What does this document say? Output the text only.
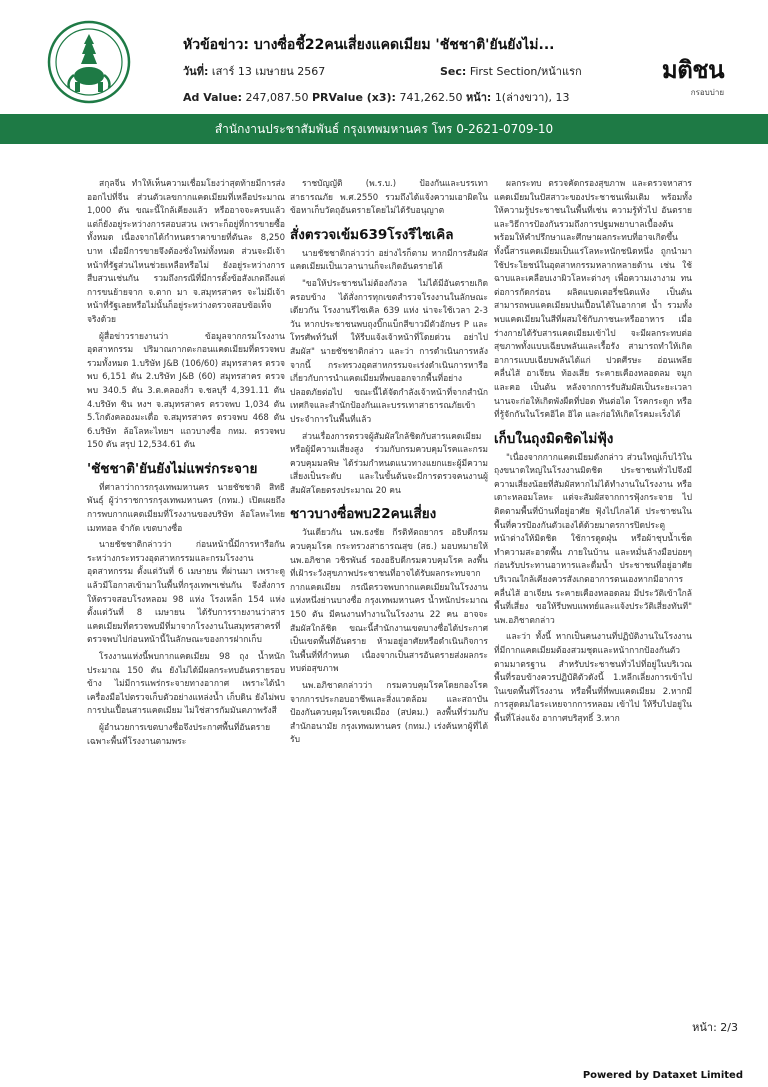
หัวข้อข่าว: บางซื่อชี้22คนเสี่ยงแคดเมียม 'ชัชชาติ'ยันยังไม่...
วันที่: เสาร์ 13 เมษายน 2567	Sec: First Section/หน้าแรก
Ad Value: 247,087.50 PRValue (x3): 741,262.50 หน้า: 1(ล่างขวา), 13
มติชน
กรอบบ่าย
สำนักงานประชาสัมพันธ์ กรุงเทพมหานคร โทร 0-2621-0709-10

สกุลจีน ทำให้เห็นความเชื่อมโยงว่าสุดท้ายมีการส่งออกไปที่จีน ส่วนตัวเลขกากแคดเมียมที่เหลือประมาณ 1,000 ตัน ขณะนี้ใกล้เคียงแล้ว หรืออาจจะครบแล้ว แต่ก็ยังอยู่ระหว่างการสอบสวน เพราะก็อยู่ที่การขายซื้อทั้งหมด เนื่องจากได้กำหนดราคาขายที่ตันละ 8,250 บาท เมื่อมีการขายจึงต้องชั่งใหม่ทั้งหมด ส่วนจะมีเจ้าหน้าที่รัฐส่วนไหนช่วยเหลือหรือไม่ ยังอยู่ระหว่างการสืบสวนเช่นกัน รวมถึงกรณีที่มีการตั้งข้อสังเกตถึงแต่การขนย้ายจาก จ.ตาก มา จ.สมุทรสาคร จะไม่มีเจ้าหน้าที่รัฐเลยหรือไม่นั้นก็อยู่ระหว่างตรวจสอบข้อเท็จจริงด้วย

ผู้สื่อข่าวรายงานว่า ข้อมูลจากกรมโรงงานอุตสาหกรรม ปริมาณกากตะกอนแคดเมียมที่ตรวจพบรวมทั้งหมด 1.บริษัท J&B (106/60) สมุทรสาคร ตรวจพบ 6,151 ตัน 2.บริษัท J&B (60) สมุทรสาคร ตรวจพบ 340.5 ตัน 3.ต.คลองกิ่ว จ.ชลบุรี 4,391.11 ตัน 4.บริษัท ซิน หงฯ จ.สมุทรสาคร ตรวจพบ 1,034 ตัน 5.โกดังคลองมะเดื่อ จ.สมุทรสาคร ตรวจพบ 468 ตัน 6.บริษัท ล้อโลหะไทยฯ แถวบางซื่อ กทม. ตรวจพบ 150 ตัน สรุป 12,534.61 ตัน

'ชัชชาติ'ยันยังไม่แพร่กระจาย

ที่ศาลาว่าการกรุงเทพมหานคร นายชัชชาติ สิทธิพันธุ์ ผู้ว่าราชการกรุงเทพมหานคร (กทม.) เปิดเผยถึงการพบกากแคดเมียมที่โรงงานของบริษัท ล้อโลหะไทย เมททอล จำกัด เขตบางซื่อ

นายชัชชาติกล่าวว่า ก่อนหน้านี้มีการหารือกันระหว่างกระทรวงอุตสาหกรรมและกรมโรงงานอุตสาหกรรม ตั้งแต่วันที่ 6 เมษายน ที่ผ่านมา เพราะดูแล้วมีโอกาสเข้ามาในพื้นที่กรุงเทพฯเช่นกัน จึงสั่งการให้ตรวจสอบโรงหลอม 98 แห่ง โรงเหล็ก 154 แห่ง ตั้งแต่วันที่ 8 เมษายน ได้รับการรายงานว่าสารแคดเมียมที่ตรวจพบมีที่มาจากโรงงานในสมุทรสาครที่ตรวจพบไปก่อนหน้านี้ในลักษณะของการฝากเก็บ

โรงงานแห่งนี้พบกากแคดเมียม 98 ถุง น้ำหนักประมาณ 150 ตัน ยังไม่ได้มีผลกระทบอันตรายรอบข้าง ไม่มีการแพร่กระจายทางอากาศ เพราะได้นำเครื่องมือไปตรวจเก็บตัวอย่างแหล่งน้ำ เก็บดิน ยังไม่พบการปนเปื้อนสารแคดเมียม ไม่ใช่สารกัมมันตภาพรังสี

ผู้อำนวยการเขตบางซื่อจึงประกาศพื้นที่อันตรายเฉพาะพื้นที่โรงงานตามพระ

ราชบัญญัติ (พ.ร.บ.) ป้องกันและบรรเทาสาธารณภัย พ.ศ.2550 รวมถึงได้แจ้งความเอาผิดในข้อหาเก็บวัตถุอันตรายโดยไม่ได้รับอนุญาต

สั่งตรวจเข้ม639โรงรีไซเคิล

นายชัชชาติกล่าวว่า อย่างไรก็ตาม หากมีการสัมผัสแคดเมียมเป็นเวลานานก็จะเกิดอันตรายได้

"ขอให้ประชาชนไม่ต้องกังวล ไม่ได้มีอันตรายเกิดครอบข้าง ได้สั่งการทุกเขตสำรวจโรงงานในลักษณะเดียวกัน โรงงานรีไซเคิล 639 แห่ง น่าจะใช้เวลา 2-3 วัน หากประชาชนพบถุงบิ๊กแบ็กสีขาวมีตัวอักษร P และโทรศัพท์วันที่ ให้รีบแจ้งเจ้าหน้าที่โดยด่วน อย่าไปสัมผัส" นายชัชชาติกล่าว และว่า การดำเนินการหลังจากนี้ กระทรวงอุตสาหกรรมจะเร่งดำเนินการหารือเกี่ยวกับการนำแคดเมียมที่พบออกจากพื้นที่อย่างปลอดภัยต่อไป ขณะนี้ได้จัดกำลังเจ้าหน้าที่จากสำนักเทศกิจและสำนักป้องกันและบรรเทาสาธารณภัยเข้าประจำการในพื้นที่แล้ว

ส่วนเรื่องการตรวจผู้สัมผัสใกล้ชิดกับสารแคดเมียม หรือผู้มีความเสี่ยงสูง ร่วมกับกรมควบคุมโรคและกรมควบคุมมลพิษ ได้ร่วมกำหนดแนวทางแยกแยะผู้มีความเสี่ยงเป็นระดับ และในขั้นต้นจะมีการตรวจคนงานผู้สัมผัสโดยตรงประมาณ 20 คน

ชาวบางซื่อพบ22คนเสี่ยง

วันเดียวกัน นพ.ธงชัย กีรติหัตถยากร อธิบดีกรมควบคุมโรค กระทรวงสาธารณสุข (สธ.) มอบหมายให้ นพ.อภิชาต วชิรพันธ์ รองอธิบดีกรมควบคุมโรค ลงพื้นที่เฝ้าระวังสุขภาพประชาชนที่อาจได้รับผลกระทบจากกากแคดเมียม กรณีตรวจพบกากแคดเมียมในโรงงานแห่งหนึ่งย่านบางซื่อ กรุงเทพมหานคร น้ำหนักประมาณ 150 ตัน มีคนงานทำงานในโรงงาน 22 คน อาจจะสัมผัสใกล้ชิด ขณะนี้สำนักงานเขตบางซื่อได้ประกาศเป็นเขตพื้นที่อันตราย ห้ามอยู่อาศัยหรือดำเนินกิจการในพื้นที่ที่กำหนด เนื่องจากเป็นสารอันตรายส่งผลกระทบต่อสุขภาพ

นพ.อภิชาตกล่าวว่า กรมควบคุมโรคโดยกองโรคจากการประกอบอาชีพและสิ่งแวดล้อม และสถาบันป้องกันควบคุมโรคเขตเมือง (สปคม.) ลงพื้นที่ร่วมกับสำนักอนามัย กรุงเทพมหานคร (กทม.) เร่งค้นหาผู้ที่ได้รับ

ผลกระทบ ตรวจคัดกรองสุขภาพ และตรวจหาสารแคดเมียมในปัสสาวะของประชาชนเพิ่มเติม พร้อมทั้งให้ความรู้ประชาชนในพื้นที่เช่น ความรู้ทั่วไป อันตราย และวิธีการป้องกันรวมถึงการปฐมพยาบาลเบื้องต้น พร้อมให้คำปรึกษาและศึกษาผลกระทบที่อาจเกิดขึ้น ทั้งนี้สารแคดเมียมเป็นแร่โลหะหนักชนิดหนึ่ง ถูกนำมาใช้ประโยชน์ในอุตสาหกรรมหลากหลายด้าน เช่น ใช้ฉาบและเคลือบเงาผิวโลหะต่างๆ เพื่อความเงางาม ทนต่อการกัดกร่อน ผลิตแบตเตอรี่ชนิดแห้ง เป็นต้น สามารถพบแคดเมียมปนเปื้อนได้ในอากาศ น้ำ รวมทั้งพบแคดเมียมในสีที่ผสมใช้กับภาชนะหรืออาหาร เมื่อร่างกายได้รับสารแคดเมียมเข้าไป จะมีผลกระทบต่อสุขภาพทั้งแบบเฉียบพลันและเรื้อรัง สามารถทำให้เกิดอาการแบบเฉียบพลันได้แก่ ปวดศีรษะ อ่อนเพลีย คลื่นไส้ อาเจียน ท้องเสีย ระคายเคืองหลอดลม จมูก และคอ เป็นต้น หลังจากการรับสัมผัสเป็นระยะเวลานานจะก่อให้เกิดพังผืดที่ปอด ทันต่อไต โรคกระดูก หรือที่รู้จักกันในโรคอิไต อิไต และก่อให้เกิดโรคมะเร็งได้

เก็บในถุงมิดชิดไม่ฟุ้ง

"เนื่องจากกากแคดเมียมดังกล่าว ส่วนใหญ่เก็บไว้ในถุงขนาดใหญ่ในโรงงานมิดชิด ประชาชนทั่วไปจึงมีความเสี่ยงน้อยที่สัมผัสหากไม่ได้ทำงานในโรงงาน หรือเดาะหลอมโลหะ แต่จะสัมผัสจากการฟุ้งกระจาย ไปติดตามพื้นที่บ้านที่อยู่อาศัย ฟุ้งไปไกลได้ ประชาชนในพื้นที่ควรป้องกันตัวเองได้ด้วยมาตรการปิดประตูหน้าต่างให้มิดชิด ใช้การดูดฝุ่น หรือผ้าชุบน้ำเช็ดทำความสะอาดพื้น ภายในบ้าน และหมั่นล้างมือบ่อยๆ ก่อนรับประทานอาหารและดื่มน้ำ ประชาชนที่อยู่อาศัยบริเวณใกล้เคียงควรสังเกตอาการตนเองหากมีอาการคลื่นไส้ อาเจียน ระคายเคืองหลอดลม มีประวัติเข้าใกล้พื้นที่เสี่ยง ขอให้รีบพบแพทย์และแจ้งประวัติเสี่ยงทันที" นพ.อภิชาตกล่าว

และว่า ทั้งนี้ หากเป็นคนงานที่ปฏิบัติงานในโรงงานที่มีกากแคดเมียมต้องสวมชุดและหน้ากากป้องกันตัวตามมาตรฐาน สำหรับประชาชนทั่วไปที่อยู่ในบริเวณพื้นที่รอบข้างควรปฏิบัติตัวดังนี้ 1.หลีกเลี่ยงการเข้าไปในเขตพื้นที่โรงงาน หรือพื้นที่ที่พบแคดเมียม 2.หากมีการสูดดมไอระเหยจากการหลอม เข้าไป ให้รีบไปอยู่ในพื้นที่โล่งแจ้ง อากาศบริสุทธิ์ 3.หาก

หน้า: 2/3
Powered by Dataxet Limited
